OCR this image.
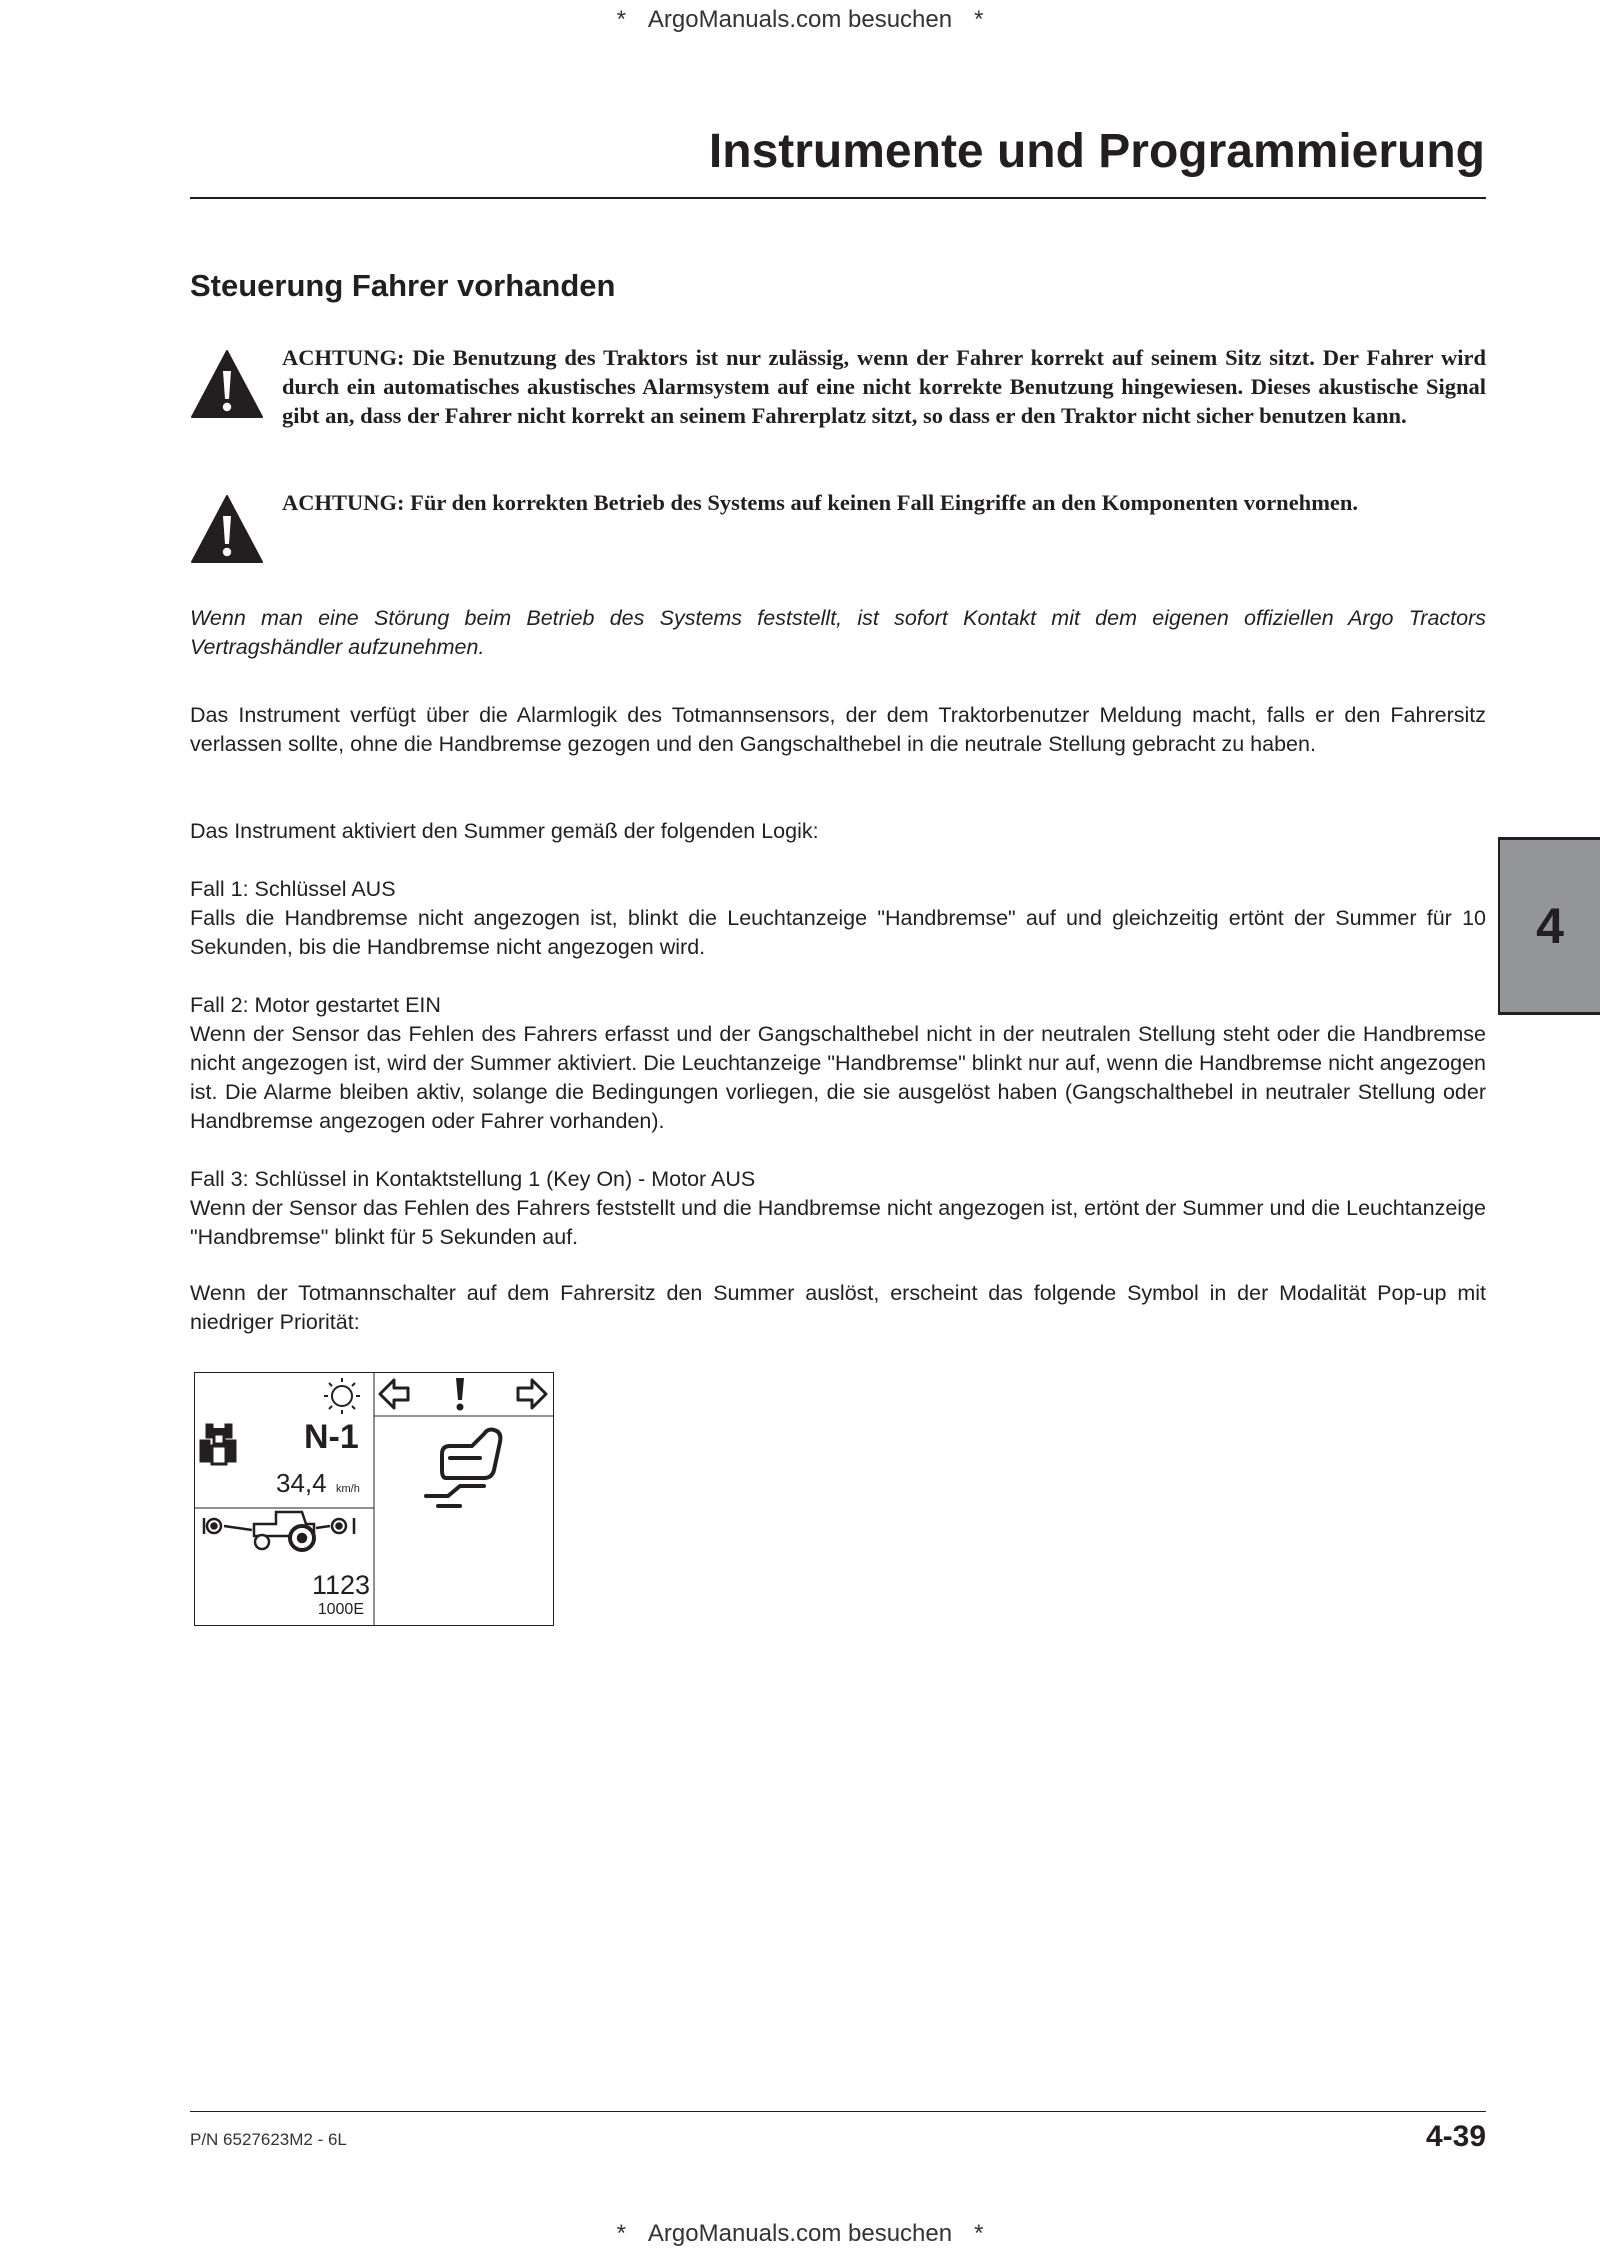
* ArgoManuals.com besuchen *
Instrumente und Programmierung
Steuerung Fahrer vorhanden
ACHTUNG: Die Benutzung des Traktors ist nur zulässig, wenn der Fahrer korrekt auf seinem Sitz sitzt. Der Fahrer wird durch ein automatisches akustisches Alarmsystem auf eine nicht korrekte Benutzung hingewiesen. Dieses akustische Signal gibt an, dass der Fahrer nicht korrekt an seinem Fahrerplatz sitzt, so dass er den Traktor nicht sicher benutzen kann.
ACHTUNG: Für den korrekten Betrieb des Systems auf keinen Fall Eingriffe an den Komponenten vornehmen.

Wenn man eine Störung beim Betrieb des Systems feststellt, ist sofort Kontakt mit dem eigenen offiziellen Argo Tractors Vertragshändler aufzunehmen.

Das Instrument verfügt über die Alarmlogik des Totmannsensors, der dem Traktorbenutzer Meldung macht, falls er den Fahrersitz verlassen sollte, ohne die Handbremse gezogen und den Gangschalthebel in die neutrale Stellung gebracht zu haben.

Das Instrument aktiviert den Summer gemäß der folgenden Logik:

Fall 1: Schlüssel AUS
Falls die Handbremse nicht angezogen ist, blinkt die Leuchtanzeige "Handbremse" auf und gleichzeitig ertönt der Summer für 10 Sekunden, bis die Handbremse nicht angezogen wird.
Fall 2: Motor gestartet EIN
Wenn der Sensor das Fehlen des Fahrers erfasst und der Gangschalthebel nicht in der neutralen Stellung steht oder die Handbremse nicht angezogen ist, wird der Summer aktiviert. Die Leuchtanzeige "Handbremse" blinkt nur auf, wenn die Handbremse nicht angezogen ist. Die Alarme bleiben aktiv, solange die Bedingungen vorliegen, die sie ausgelöst haben (Gangschalthebel in neutraler Stellung oder Handbremse angezogen oder Fahrer vorhanden).
Fall 3: Schlüssel in Kontaktstellung 1 (Key On) - Motor AUS
Wenn der Sensor das Fehlen des Fahrers feststellt und die Handbremse nicht angezogen ist, ertönt der Summer und die Leuchtanzeige "Handbremse" blinkt für 5 Sekunden auf.

Wenn der Totmannschalter auf dem Fahrersitz den Summer auslöst, erscheint das folgende Symbol in der Modalität Pop-up mit niedriger Priorität:

N-1
34,4 km/h
1123
1000E
4
P/N 6527623M2 - 6L	4-39
* ArgoManuals.com besuchen *
